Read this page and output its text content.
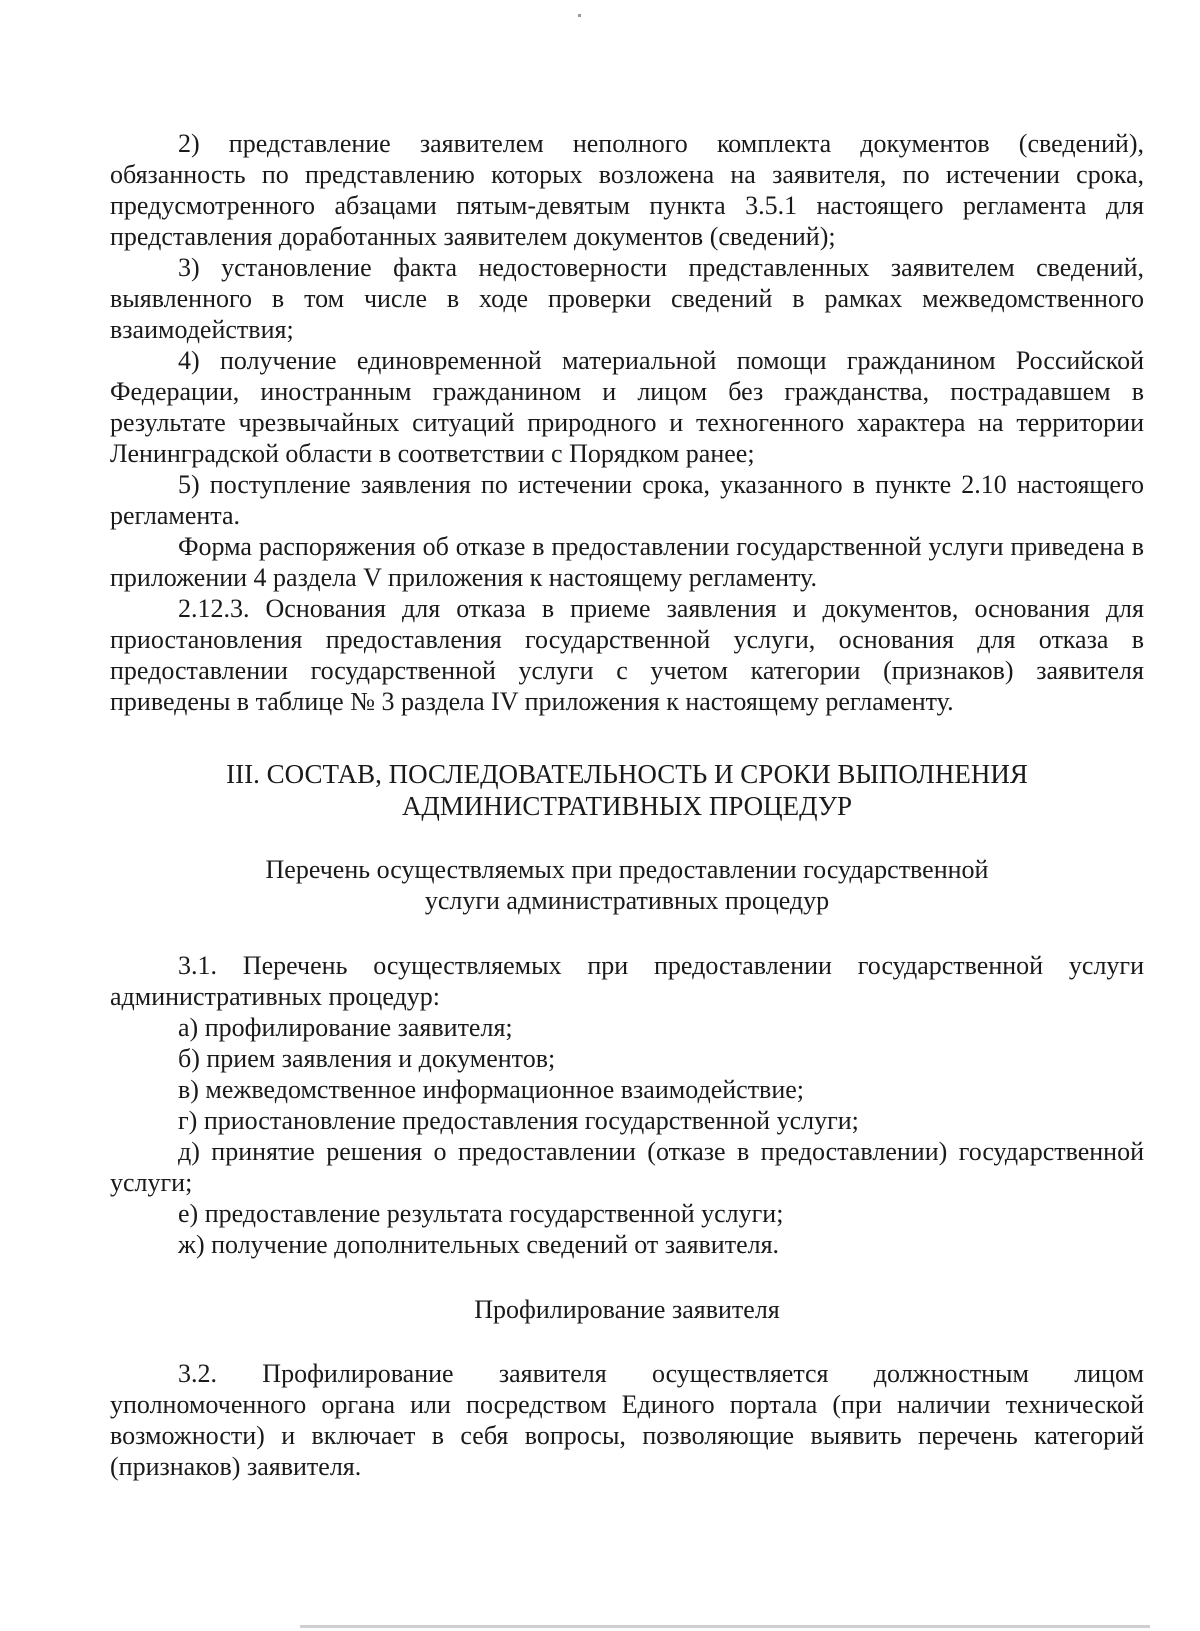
2) представление заявителем неполного комплекта документов (сведений), обязанность по представлению которых возложена на заявителя, по истечении срока, предусмотренного абзацами пятым-девятым пункта 3.5.1 настоящего регламента для представления доработанных заявителем документов (сведений);

3) установление факта недостоверности представленных заявителем сведений, выявленного в том числе в ходе проверки сведений в рамках межведомственного взаимодействия;

4) получение единовременной материальной помощи гражданином Российской Федерации, иностранным гражданином и лицом без гражданства, пострадавшем в результате чрезвычайных ситуаций природного и техногенного характера на территории Ленинградской области в соответствии с Порядком ранее;

5) поступление заявления по истечении срока, указанного в пункте 2.10 настоящего регламента.

Форма распоряжения об отказе в предоставлении государственной услуги приведена в приложении 4 раздела V приложения к настоящему регламенту.

2.12.3. Основания для отказа в приеме заявления и документов, основания для приостановления предоставления государственной услуги, основания для отказа в предоставлении государственной услуги с учетом категории (признаков) заявителя приведены в таблице № 3 раздела IV приложения к настоящему регламенту.

III. СОСТАВ, ПОСЛЕДОВАТЕЛЬНОСТЬ И СРОКИ ВЫПОЛНЕНИЯ

АДМИНИСТРАТИВНЫХ ПРОЦЕДУР

Перечень осуществляемых при предоставлении государственной

услуги административных процедур

3.1. Перечень осуществляемых при предоставлении государственной услуги административных процедур:

а) профилирование заявителя;

б) прием заявления и документов;

в) межведомственное информационное взаимодействие;

г) приостановление предоставления государственной услуги;

д) принятие решения о предоставлении (отказе в предоставлении) государственной услуги;

е) предоставление результата государственной услуги;

ж) получение дополнительных сведений от заявителя.

Профилирование заявителя

3.2. Профилирование заявителя осуществляется должностным лицом уполномоченного органа или посредством Единого портала (при наличии технической возможности) и включает в себя вопросы, позволяющие выявить перечень категорий (признаков) заявителя.
